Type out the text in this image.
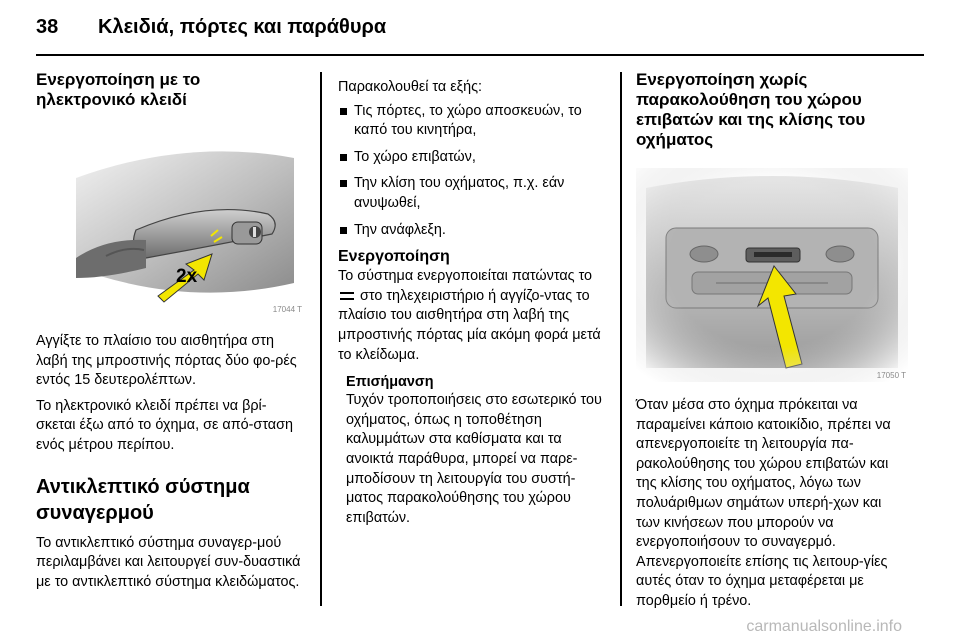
38	Κλειδιά, πόρτες και παράθυρα
Ενεργοποίηση με το ηλεκτρονικό κλειδί
2x
17044 T

Αγγίξτε το πλαίσιο του αισθητήρα στη λαβή της μπροστινής πόρτας δύο φο-ρές εντός 15 δευτερολέπτων.

Το ηλεκτρονικό κλειδί πρέπει να βρί-σκεται έξω από το όχημα, σε από-σταση ενός μέτρου περίπου.

Αντικλεπτικό σύστημα συναγερμού

Το αντικλεπτικό σύστημα συναγερ-μού περιλαμβάνει και λειτουργεί συν-δυαστικά με το αντικλεπτικό σύστημα κλειδώματος.

Παρακολουθεί τα εξής:

Τις πόρτες, το χώρο αποσκευών, το καπό του κινητήρα,
Το χώρο επιβατών,
Την κλίση του οχήματος, π.χ. εάν ανυψωθεί,
Την ανάφλεξη.
Ενεργοποίηση

Το σύστημα ενεργοποιείται πατώντας το  στο τηλεχειριστήριο ή αγγίζο-ντας το πλαίσιο του αισθητήρα στη λαβή της μπροστινής πόρτας μία ακόμη φορά μετά το κλείδωμα.

Επισήμανση

Τυχόν τροποποιήσεις στο εσωτερικό του οχήματος, όπως η τοποθέτηση καλυμμάτων στα καθίσματα και τα ανοικτά παράθυρα, μπορεί να παρε-μποδίσουν τη λειτουργία του συστή-ματος παρακολούθησης του χώρου επιβατών.

Ενεργοποίηση χωρίς παρακολούθηση του χώρου επιβατών και της κλίσης του οχήματος
17050 T

Όταν μέσα στο όχημα πρόκειται να παραμείνει κάποιο κατοικίδιο, πρέπει να απενεργοποιείτε τη λειτουργία πα-ρακολούθησης του χώρου επιβατών και της κλίσης του οχήματος, λόγω των πολυάριθμων σημάτων υπερή-χων και των κινήσεων που μπορούν να ενεργοποιήσουν το συναγερμό. Απενεργοποιείτε επίσης τις λειτουρ-γίες αυτές όταν το όχημα μεταφέρεται με πορθμείο ή τρένο.

carmanualsonline.info
